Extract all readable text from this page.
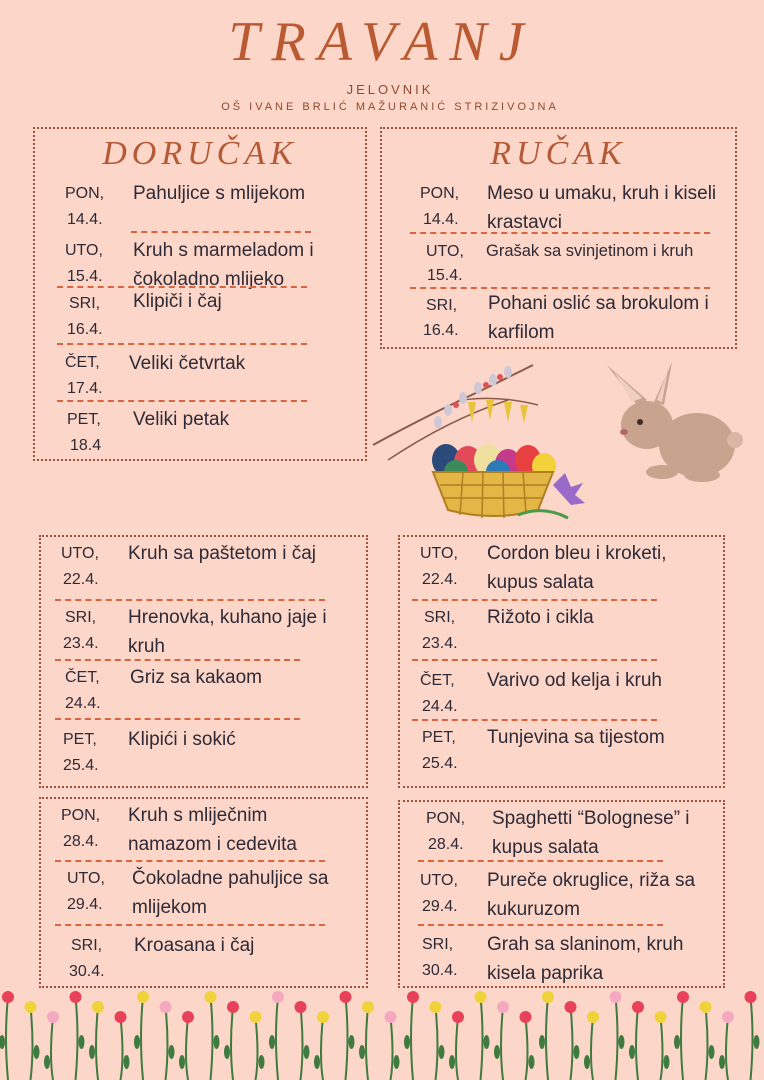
TRAVANJ
JELOVNIK
OŠ IVANE BRLIĆ MAŽURANIĆ STRIZIVOJNA
DORUČAK
PON,
14.4.
Pahuljice s mlijekom
UTO,
15.4.
Kruh s marmeladom i čokoladno mlijeko
SRI,
16.4.
Klipiči i čaj
ČET,
17.4.
Veliki četvrtak
PET,
18.4
Veliki petak
RUČAK
PON,
14.4.
Meso u umaku, kruh i kiseli krastavci
UTO,
15.4.
Grašak sa svinjetinom i kruh
SRI,
16.4.
Pohani oslić sa brokulom i karfilom
UTO,
22.4.
Kruh sa paštetom i čaj
SRI,
23.4.
Hrenovka, kuhano jaje i kruh
ČET,
24.4.
Griz sa kakaom
PET,
25.4.
Klipići i sokić
UTO,
22.4.
Cordon bleu i kroketi, kupus salata
SRI,
23.4.
Rižoto i cikla
ČET,
24.4.
Varivo od kelja i kruh
PET,
25.4.
Tunjevina sa tijestom
PON,
28.4.
Kruh s mliječnim namazom i cedevita
UTO,
29.4.
Čokoladne pahuljice sa mlijekom
SRI,
30.4.
Kroasana i čaj
PON,
28.4.
Spaghetti “Bolognese” i kupus salata
UTO,
29.4.
Pureče okruglice, riža sa kukuruzom
SRI,
30.4.
Grah sa slaninom, kruh kisela paprika
